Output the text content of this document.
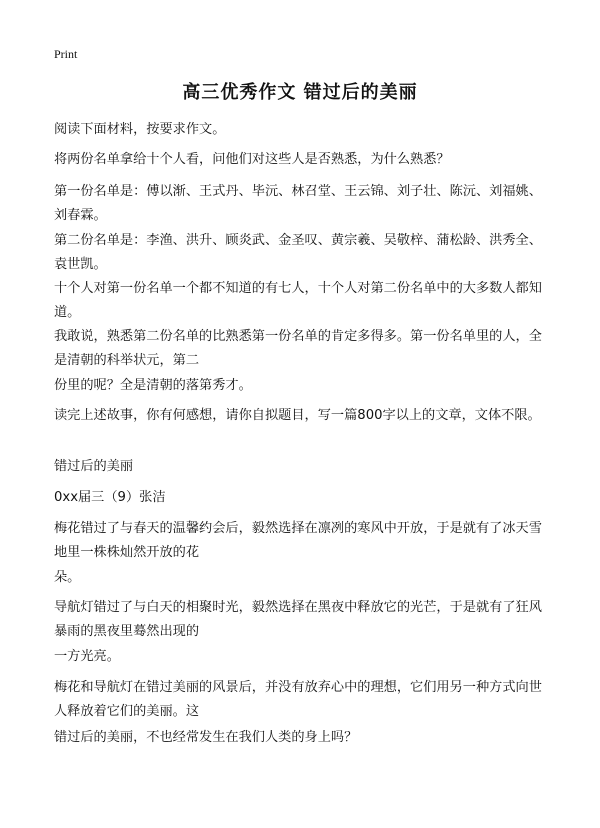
Print
高三优秀作文 错过后的美丽

阅读下面材料，按要求作文。

将两份名单拿给十个人看，问他们对这些人是否熟悉，为什么熟悉？

第一份名单是：傅以渐、王式丹、毕沅、林召堂、王云锦、刘子壮、陈沅、刘福姚、刘春霖。

第二份名单是：李渔、洪升、顾炎武、金圣叹、黄宗羲、吴敬梓、蒲松龄、洪秀全、袁世凯。

十个人对第一份名单一个都不知道的有七人，十个人对第二份名单中的大多数人都知道。

我敢说，熟悉第二份名单的比熟悉第一份名单的肯定多得多。第一份名单里的人，全是清朝的科举状元，第二

份里的呢？全是清朝的落第秀才。

读完上述故事，你有何感想，请你自拟题目，写一篇800字以上的文章，文体不限。

错过后的美丽

0xx届三（9）张洁

梅花错过了与春天的温馨约会后，毅然选择在凛冽的寒风中开放，于是就有了冰天雪地里一株株灿然开放的花

朵。

导航灯错过了与白天的相聚时光，毅然选择在黑夜中释放它的光芒，于是就有了狂风暴雨的黑夜里蓦然出现的

一方光亮。

梅花和导航灯在错过美丽的风景后，并没有放弃心中的理想，它们用另一种方式向世人释放着它们的美丽。这

错过后的美丽，不也经常发生在我们人类的身上吗？
